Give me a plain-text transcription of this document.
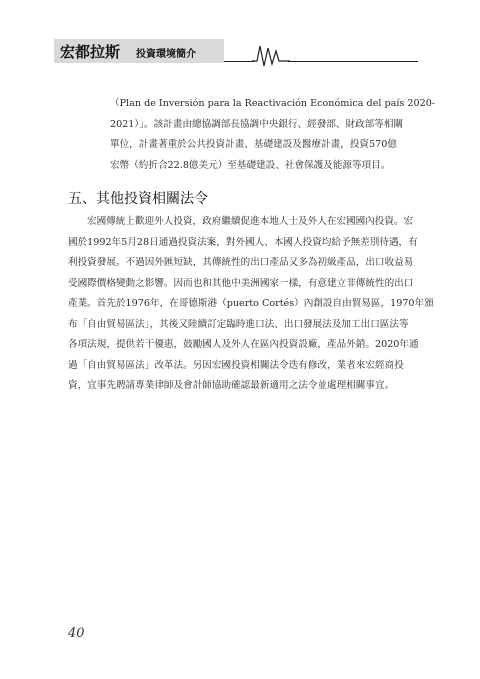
宏都拉斯 投資環境簡介

（Plan de Inversión para la Reactivación Económica del país 2020-
2021）」。該計畫由總協調部長協調中央銀行、經發部、財政部等相關
單位，計畫著重於公共投資計畫、基礎建設及醫療計畫，投資570億
宏幣（約折合22.8億美元）至基礎建設、社會保護及能源等項目。

五、其他投資相關法令

宏國傳統上歡迎外人投資，政府繼續促進本地人士及外人在宏國國內投資。宏
國於1992年5月28日通過投資法案，對外國人、本國人投資均給予無差別待遇，有
利投資發展。不過因外匯短缺，其傳統性的出口產品又多為初級產品，出口收益易
受國際價格變動之影響。因而也和其他中美洲國家一樣，有意建立非傳統性的出口
產業。首先於1976年，在哥德斯港（puerto Cortés）內創設自由貿易區，1970年頒
布「自由貿易區法」，其後又陸續訂定臨時進口法、出口發展法及加工出口區法等
各項法規，提供若干優惠，鼓勵國人及外人在區內投資設廠，產品外銷。2020年通
過「自由貿易區法」改革法。另因宏國投資相關法令迭有修改，業者來宏經商投
資，宜事先聘請專業律師及會計師協助確認最新適用之法令並處理相關事宜。

40
